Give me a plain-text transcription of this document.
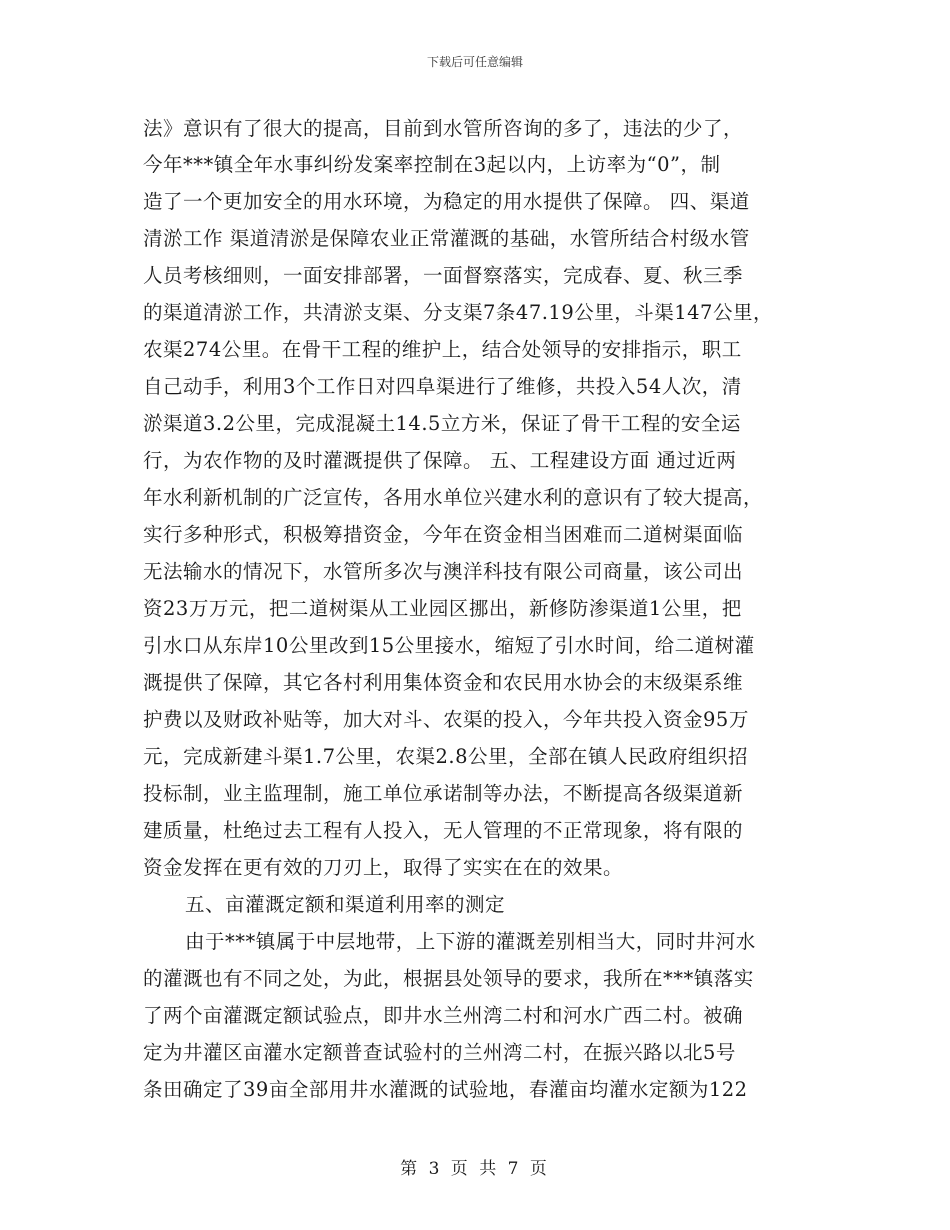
下载后可任意编辑
法》意识有了很大的提高，目前到水管所咨询的多了，违法的少了，
今年***镇全年水事纠纷发案率控制在3起以内，上访率为“0”，制
造了一个更加安全的用水环境，为稳定的用水提供了保障。 四、渠道
清淤工作 渠道清淤是保障农业正常灌溉的基础，水管所结合村级水管
人员考核细则，一面安排部署，一面督察落实，完成春、夏、秋三季
的渠道清淤工作，共清淤支渠、分支渠7条47.19公里，斗渠147公里，
农渠274公里。在骨干工程的维护上，结合处领导的安排指示，职工
自己动手，利用3个工作日对四阜渠进行了维修，共投入54人次，清
淤渠道3.2公里，完成混凝土14.5立方米，保证了骨干工程的安全运
行，为农作物的及时灌溉提供了保障。 五、工程建设方面 通过近两
年水利新机制的广泛宣传，各用水单位兴建水利的意识有了较大提高，
实行多种形式，积极筹措资金，今年在资金相当困难而二道树渠面临
无法输水的情况下，水管所多次与澳洋科技有限公司商量，该公司出
资23万万元，把二道树渠从工业园区挪出，新修防渗渠道1公里，把
引水口从东岸10公里改到15公里接水，缩短了引水时间，给二道树灌
溉提供了保障，其它各村利用集体资金和农民用水协会的末级渠系维
护费以及财政补贴等，加大对斗、农渠的投入，今年共投入资金95万
元，完成新建斗渠1.7公里，农渠2.8公里，全部在镇人民政府组织招
投标制，业主监理制，施工单位承诺制等办法，不断提高各级渠道新
建质量，杜绝过去工程有人投入，无人管理的不正常现象，将有限的
资金发挥在更有效的刀刃上，取得了实实在在的效果。
五、亩灌溉定额和渠道利用率的测定
由于***镇属于中层地带，上下游的灌溉差别相当大，同时井河水
的灌溉也有不同之处，为此，根据县处领导的要求，我所在***镇落实
了两个亩灌溉定额试验点，即井水兰州湾二村和河水广西二村。被确
定为井灌区亩灌水定额普查试验村的兰州湾二村，在振兴路以北5号
条田确定了39亩全部用井水灌溉的试验地，春灌亩均灌水定额为122
第 3 页 共 7 页
